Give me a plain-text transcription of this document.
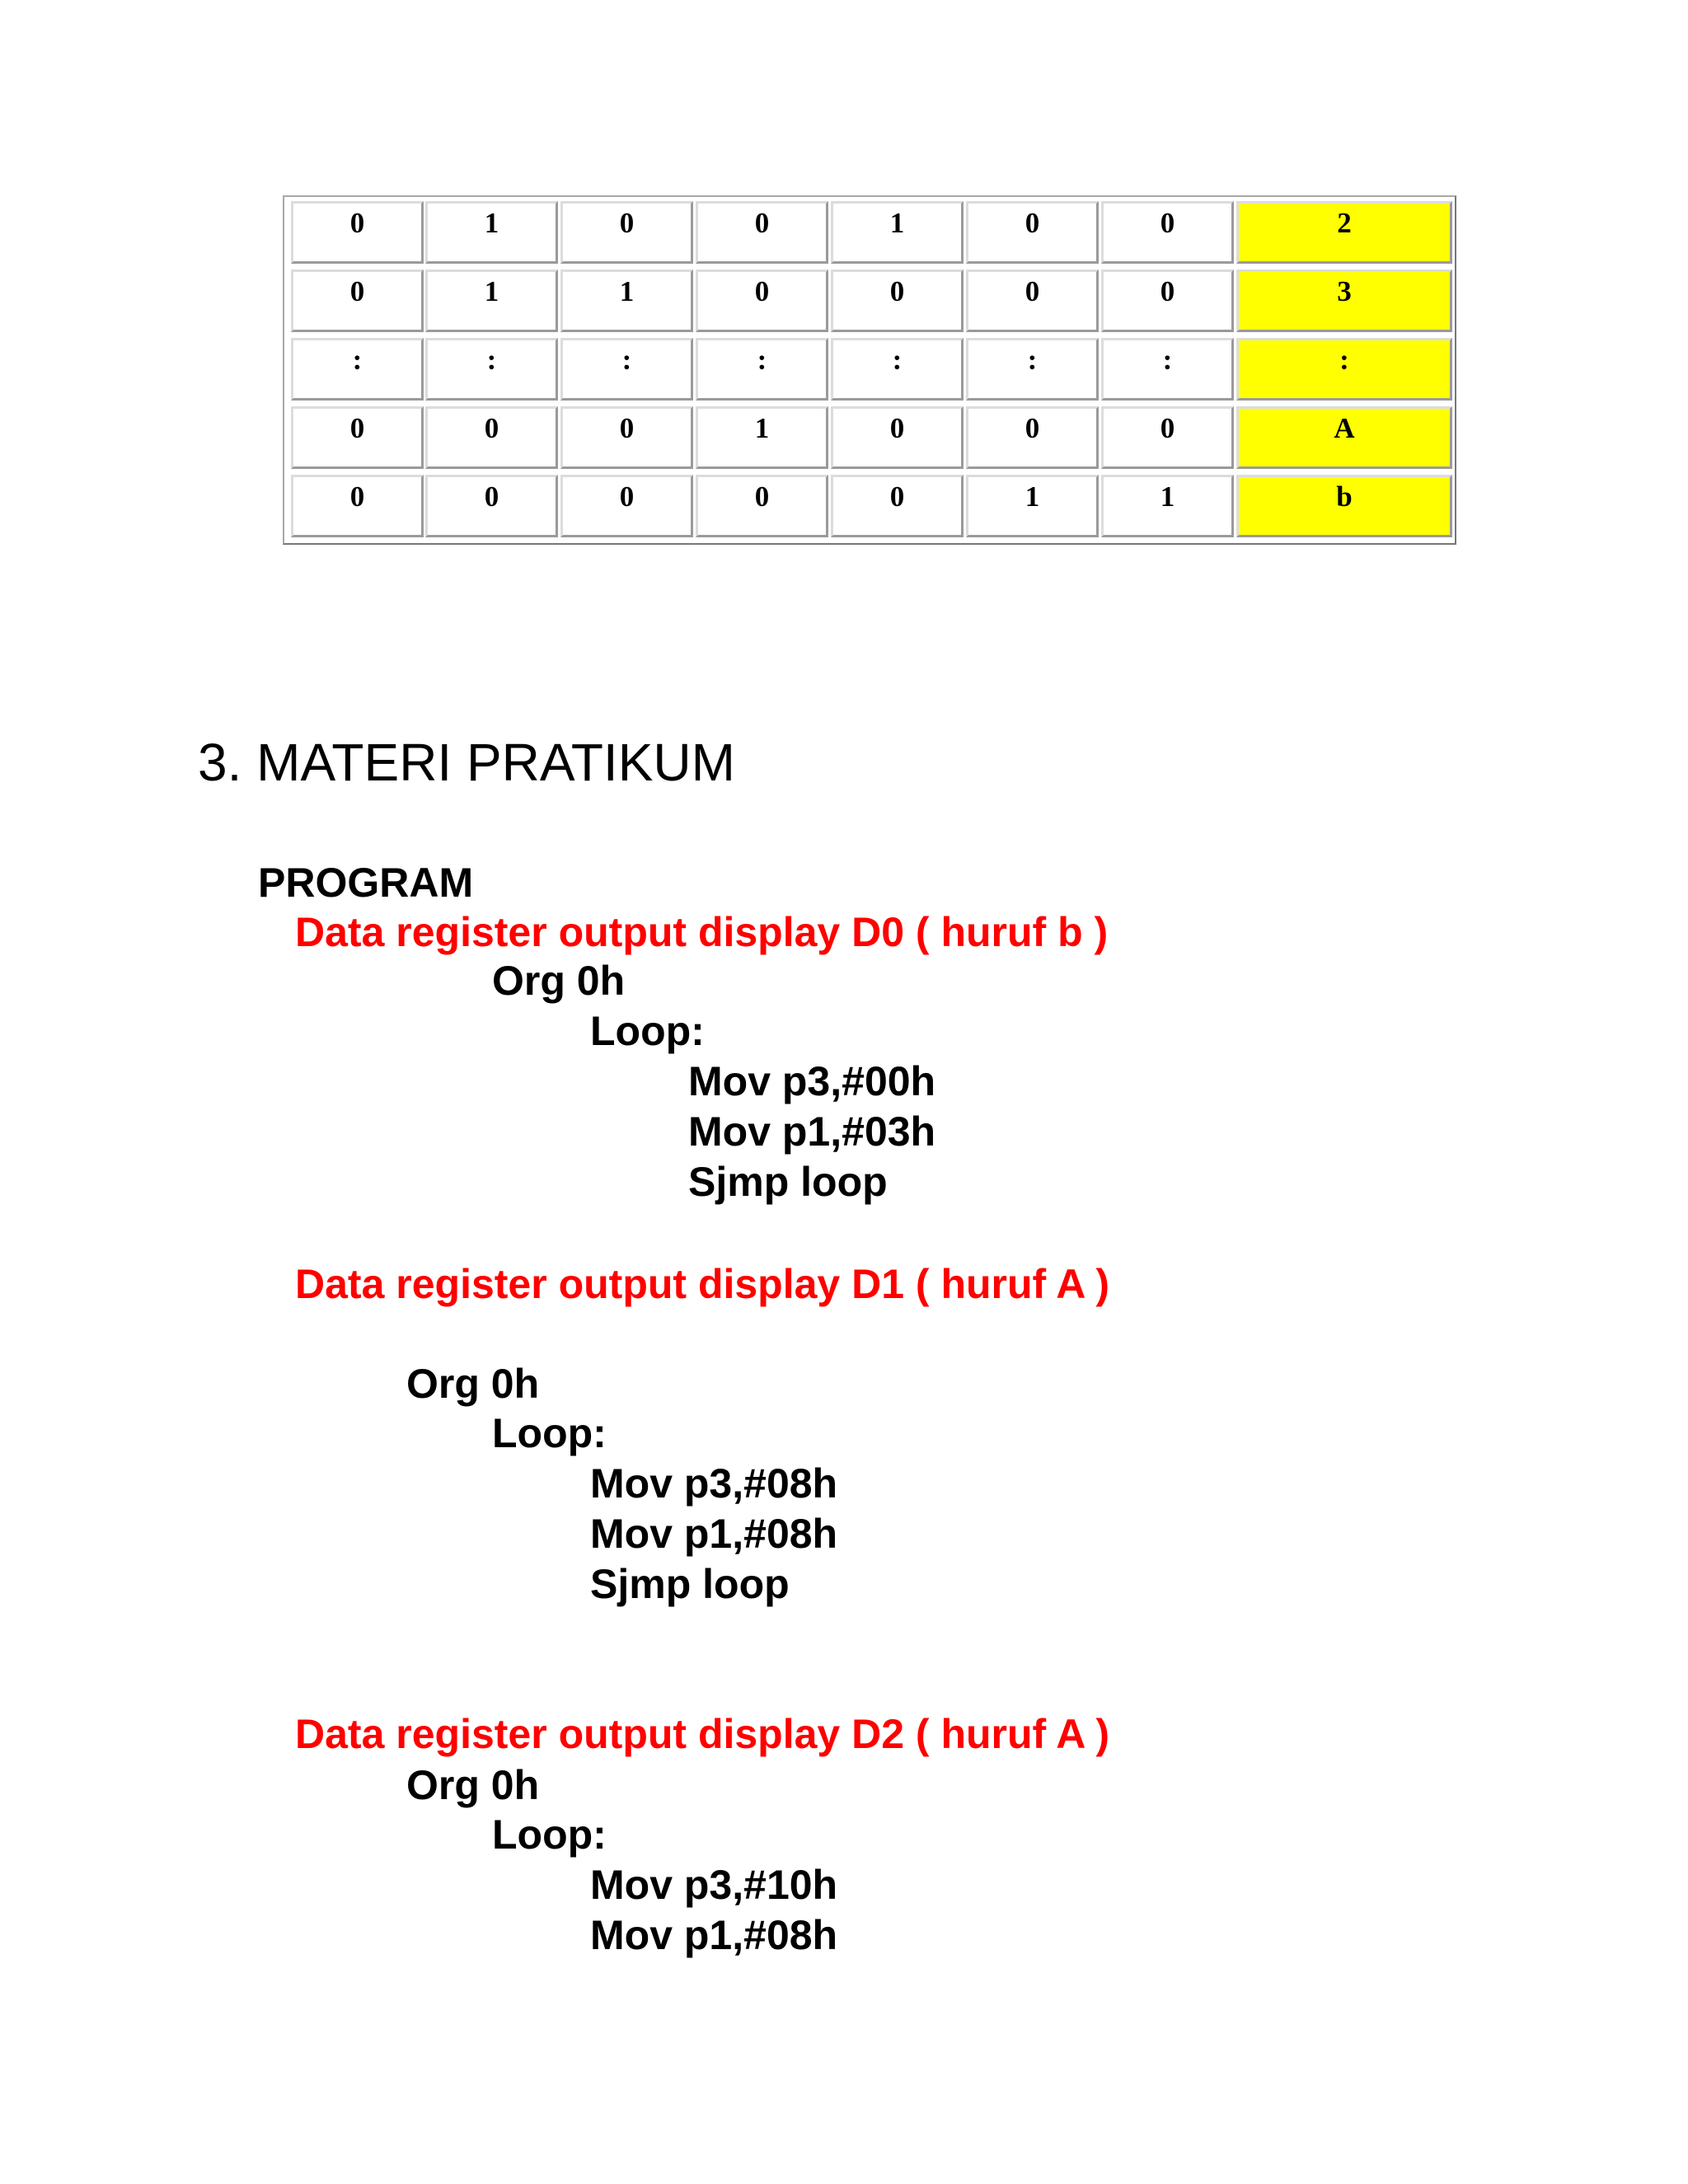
0	1	0	0	1	0	0	2
0	1	1	0	0	0	0	3
:	:	:	:	:	:	:	:
0	0	0	1	0	0	0	A
0	0	0	0	0	1	1	b
3. MATERI PRATIKUM
PROGRAM
Data register output display D0 ( huruf b )
Org 0h
Loop:
Mov p3,#00h
Mov p1,#03h
Sjmp loop
Data register output display D1 ( huruf A )
Org 0h
Loop:
Mov p3,#08h
Mov p1,#08h
Sjmp loop
Data register output display D2 ( huruf A )
Org 0h
Loop:
Mov p3,#10h
Mov p1,#08h
